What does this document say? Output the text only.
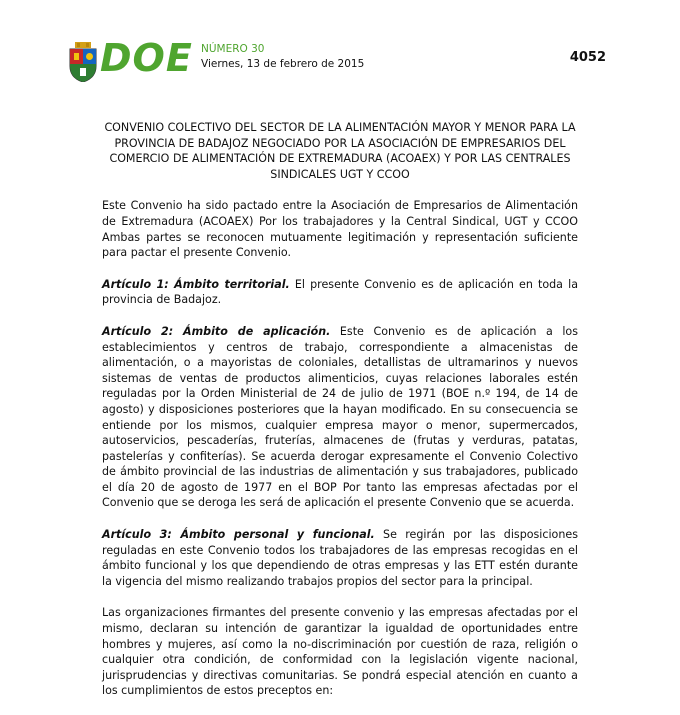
DOE NÚMERO 30
Viernes, 13 de febrero de 2015	4052

CONVENIO COLECTIVO DEL SECTOR DE LA ALIMENTACIÓN MAYOR Y MENOR PARA LA PROVINCIA DE BADAJOZ NEGOCIADO POR LA ASOCIACIÓN DE EMPRESARIOS DEL COMERCIO DE ALIMENTACIÓN DE EXTREMADURA (ACOAEX) Y POR LAS CENTRALES SINDICALES UGT Y CCOO

Este Convenio ha sido pactado entre la Asociación de Empresarios de Alimentación de Extremadura (ACOAEX) Por los trabajadores y la Central Sindical, UGT y CCOO Ambas partes se reconocen mutuamente legitimación y representación suficiente para pactar el presente Convenio.

Artículo 1: Ámbito territorial. El presente Convenio es de aplicación en toda la provincia de Badajoz.

Artículo 2: Ámbito de aplicación. Este Convenio es de aplicación a los establecimientos y centros de trabajo, correspondiente a almacenistas de alimentación, o a mayoristas de coloniales, detallistas de ultramarinos y nuevos sistemas de ventas de productos alimenticios, cuyas relaciones laborales estén reguladas por la Orden Ministerial de 24 de julio de 1971 (BOE n.º 194, de 14 de agosto) y disposiciones posteriores que la hayan modificado. En su consecuencia se entiende por los mismos, cualquier empresa mayor o menor, supermercados, autoservicios, pescaderías, fruterías, almacenes de (frutas y verduras, patatas, pastelerías y confiterías). Se acuerda derogar expresamente el Convenio Colectivo de ámbito provincial de las industrias de alimentación y sus trabajadores, publicado el día 20 de agosto de 1977 en el BOP Por tanto las empresas afectadas por el Convenio que se deroga les será de aplicación el presente Convenio que se acuerda.

Artículo 3: Ámbito personal y funcional. Se regirán por las disposiciones reguladas en este Convenio todos los trabajadores de las empresas recogidas en el ámbito funcional y los que dependiendo de otras empresas y las ETT estén durante la vigencia del mismo realizando trabajos propios del sector para la principal.

Las organizaciones firmantes del presente convenio y las empresas afectadas por el mismo, declaran su intención de garantizar la igualdad de oportunidades entre hombres y mujeres, así como la no-discriminación por cuestión de raza, religión o cualquier otra condición, de conformidad con la legislación vigente nacional, jurisprudencias y directivas comunitarias. Se pondrá especial atención en cuanto a los cumplimientos de estos preceptos en:
